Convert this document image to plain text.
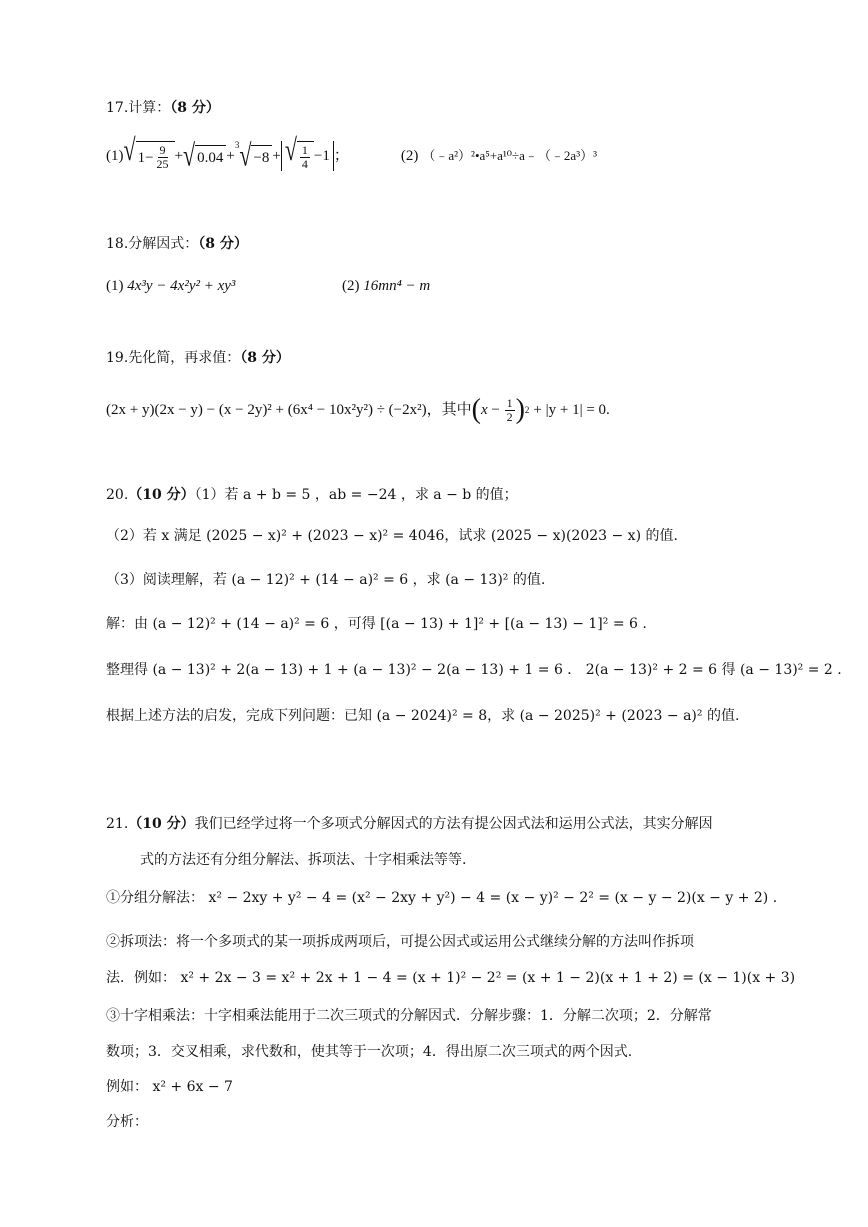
17.计算：（8 分）
(1) √ $1- \frac{9}{25}$ + √ 0.04 +
3 √ −8 + √ $\frac{1}{4} -1$ ；	(2) （﹣a²）²•a⁵+a¹⁰÷a﹣（﹣2a³）³
18.分解因式：（8 分）
(1) 4x³y − 4x²y² + xy³	(2) 16mn⁴ − m
19.先化简，再求值：（8 分）
(2x + y)(2x − y) − (x − 2y)² + (6x⁴ − 10x²y²) ÷ (−2x²)，其中 ( $x - \frac{1}{2}$ ) 2 + |y + 1| = 0.
20.（10 分）（1）若 a + b = 5 ，ab = −24 ，求 a − b 的值；
（2）若 x 满足 (2025 − x)² + (2023 − x)² = 4046，试求 (2025 − x)(2023 − x) 的值.
（3）阅读理解，若 (a − 12)² + (14 − a)² = 6 ，求 (a − 13)² 的值.
解：由 (a − 12)² + (14 − a)² = 6 ，可得 [(a − 13) + 1]² + [(a − 13) − 1]² = 6 .
整理得 (a − 13)² + 2(a − 13) + 1 + (a − 13)² − 2(a − 13) + 1 = 6 ． 2(a − 13)² + 2 = 6 得 (a − 13)² = 2 .
根据上述方法的启发，完成下列问题：已知 (a − 2024)² = 8，求 (a − 2025)² + (2023 − a)² 的值.
21.（10 分）我们已经学过将一个多项式分解因式的方法有提公因式法和运用公式法，其实分解因
式的方法还有分组分解法、拆项法、十字相乘法等等.
①分组分解法： x² − 2xy + y² − 4 = (x² − 2xy + y²) − 4 = (x − y)² − 2² = (x − y − 2)(x − y + 2) .
②拆项法：将一个多项式的某一项拆成两项后，可提公因式或运用公式继续分解的方法叫作拆项
法．例如： x² + 2x − 3 = x² + 2x + 1 − 4 = (x + 1)² − 2² = (x + 1 − 2)(x + 1 + 2) = (x − 1)(x + 3)
③十字相乘法：十字相乘法能用于二次三项式的分解因式．分解步骤：1．分解二次项；2．分解常
数项；3．交叉相乘，求代数和，使其等于一次项；4．得出原二次三项式的两个因式.
例如： x² + 6x − 7
分析：
